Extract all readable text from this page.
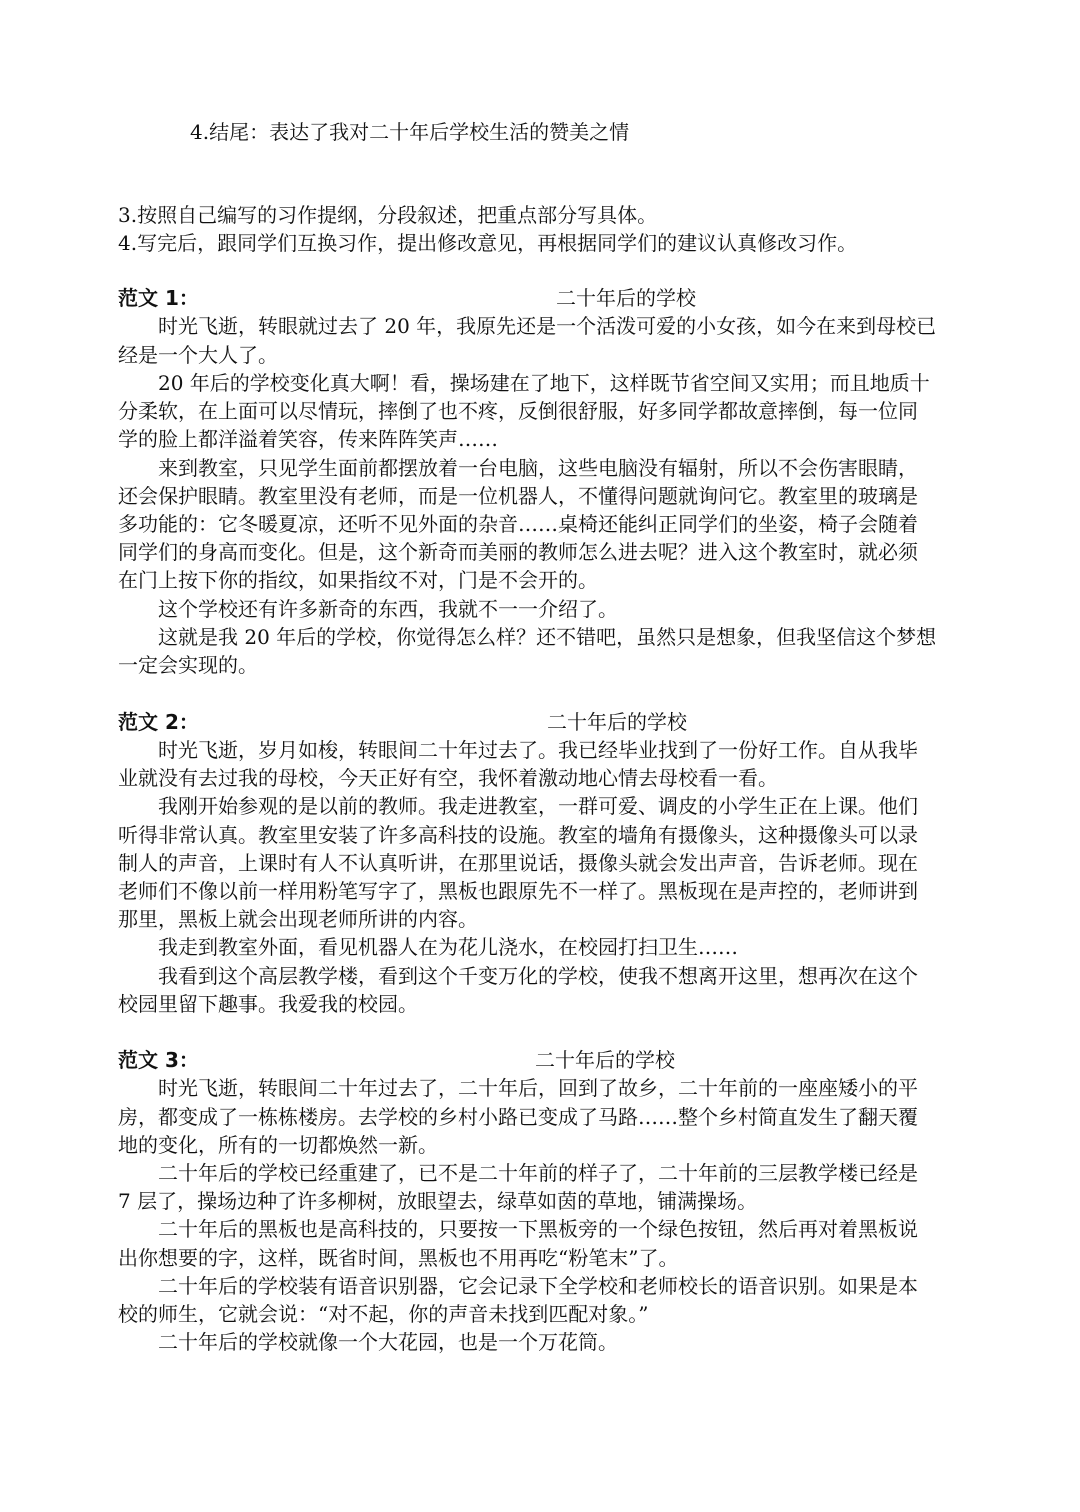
4.结尾：表达了我对二十年后学校生活的赞美之情
3.按照自己编写的习作提纲，分段叙述，把重点部分写具体。
4.写完后，跟同学们互换习作，提出修改意见，再根据同学们的建议认真修改习作。
范文 1：	二十年后的学校
时光飞逝，转眼就过去了 20 年，我原先还是一个活泼可爱的小女孩，如今在来到母校已
经是一个大人了。
20 年后的学校变化真大啊！看，操场建在了地下，这样既节省空间又实用；而且地质十
分柔软，在上面可以尽情玩，摔倒了也不疼，反倒很舒服，好多同学都故意摔倒，每一位同
学的脸上都洋溢着笑容，传来阵阵笑声……
来到教室，只见学生面前都摆放着一台电脑，这些电脑没有辐射，所以不会伤害眼睛，
还会保护眼睛。教室里没有老师，而是一位机器人，不懂得问题就询问它。教室里的玻璃是
多功能的：它冬暖夏凉，还听不见外面的杂音……桌椅还能纠正同学们的坐姿，椅子会随着
同学们的身高而变化。但是，这个新奇而美丽的教师怎么进去呢？进入这个教室时，就必须
在门上按下你的指纹，如果指纹不对，门是不会开的。
这个学校还有许多新奇的东西，我就不一一介绍了。
这就是我 20 年后的学校，你觉得怎么样？还不错吧，虽然只是想象，但我坚信这个梦想
一定会实现的。
范文 2：	二十年后的学校
时光飞逝，岁月如梭，转眼间二十年过去了。我已经毕业找到了一份好工作。自从我毕
业就没有去过我的母校，今天正好有空，我怀着激动地心情去母校看一看。
我刚开始参观的是以前的教师。我走进教室，一群可爱、调皮的小学生正在上课。他们
听得非常认真。教室里安装了许多高科技的设施。教室的墙角有摄像头，这种摄像头可以录
制人的声音，上课时有人不认真听讲，在那里说话，摄像头就会发出声音，告诉老师。现在
老师们不像以前一样用粉笔写字了，黑板也跟原先不一样了。黑板现在是声控的，老师讲到
那里，黑板上就会出现老师所讲的内容。
我走到教室外面，看见机器人在为花儿浇水，在校园打扫卫生……
我看到这个高层教学楼，看到这个千变万化的学校，使我不想离开这里，想再次在这个
校园里留下趣事。我爱我的校园。
范文 3：	二十年后的学校
时光飞逝，转眼间二十年过去了，二十年后，回到了故乡，二十年前的一座座矮小的平
房，都变成了一栋栋楼房。去学校的乡村小路已变成了马路……整个乡村简直发生了翻天覆
地的变化，所有的一切都焕然一新。
二十年后的学校已经重建了，已不是二十年前的样子了，二十年前的三层教学楼已经是
7 层了，操场边种了许多柳树，放眼望去，绿草如茵的草地，铺满操场。
二十年后的黑板也是高科技的，只要按一下黑板旁的一个绿色按钮，然后再对着黑板说
出你想要的字，这样，既省时间，黑板也不用再吃“粉笔末”了。
二十年后的学校装有语音识别器，它会记录下全学校和老师校长的语音识别。如果是本
校的师生，它就会说：“对不起，你的声音未找到匹配对象。”
二十年后的学校就像一个大花园，也是一个万花筒。
